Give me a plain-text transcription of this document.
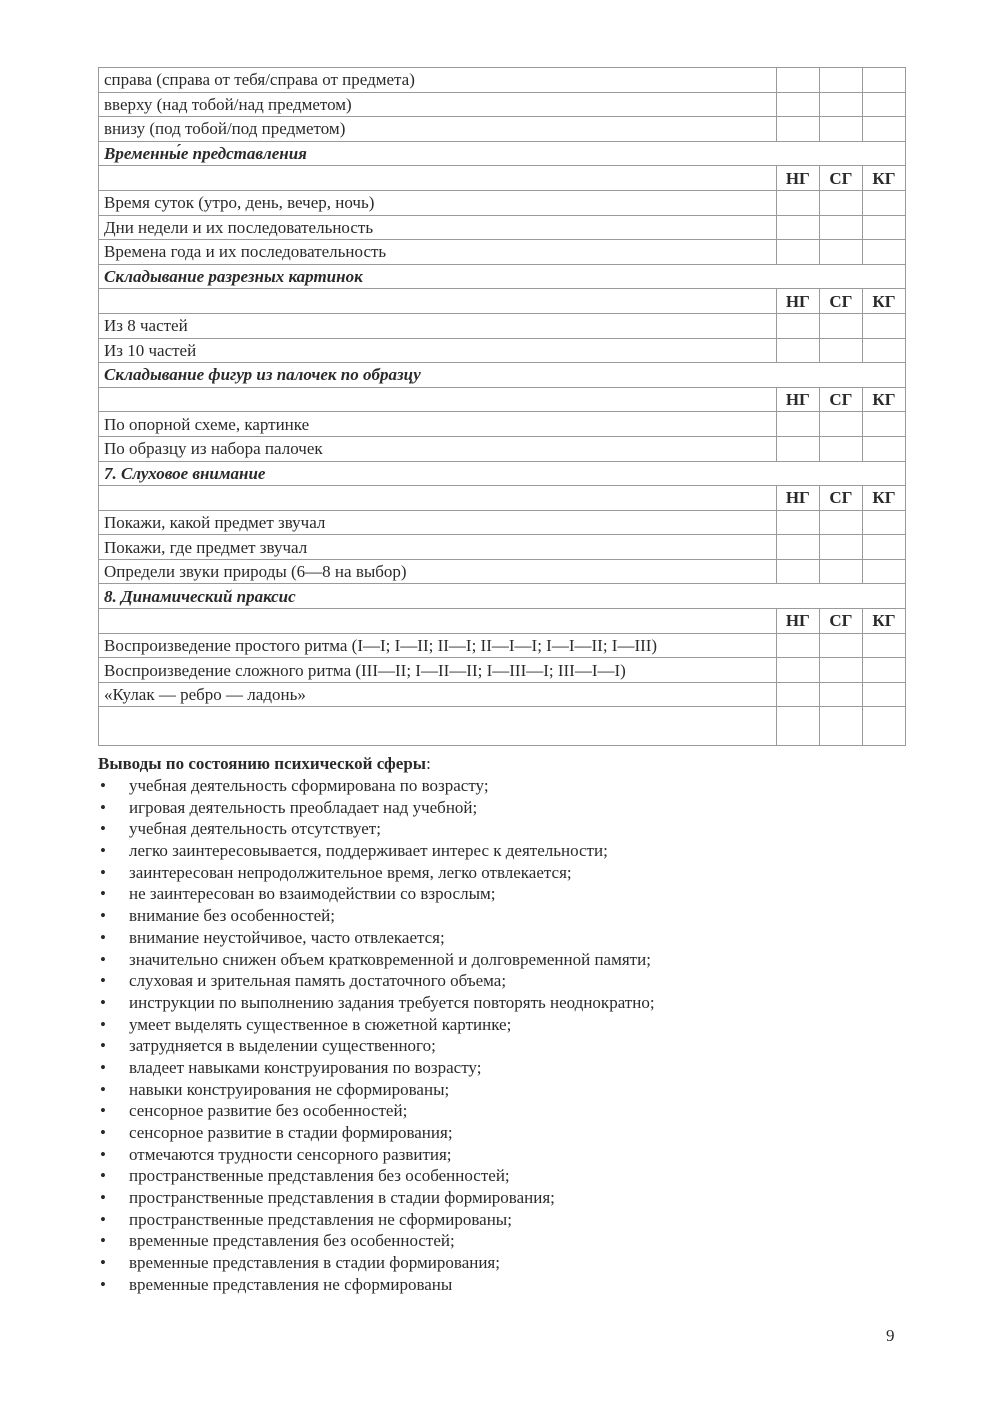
справа (справа от тебя/справа от предмета)			
вверху (над тобой/над предметом)			
внизу (под тобой/под предметом)			
Временны́е представления			
	НГ	СГ	КГ
Время суток (утро, день, вечер, ночь)			
Дни недели и их последовательность			
Времена года и их последовательность			
Складывание разрезных картинок			
	НГ	СГ	КГ
Из 8 частей			
Из 10 частей			
Складывание фигур из палочек по образцу			
	НГ	СГ	КГ
По опорной схеме, картинке			
По образцу из набора палочек			
7. Слуховое внимание			
	НГ	СГ	КГ
Покажи, какой предмет звучал			
Покажи, где предмет звучал			
Определи звуки природы (6—8 на выбор)			
8. Динамический праксис			
	НГ	СГ	КГ
Воспроизведение простого ритма (I—I; I—II; II—I; II—I—I; I—I—II; I—III)			
Воспроизведение сложного ритма (III—II; I—II—II; I—III—I; III—I—I)			
«Кулак — ребро — ладонь»			

Выводы по состоянию психической сферы:
• учебная деятельность сформирована по возрасту;
• игровая деятельность преобладает над учебной;
• учебная деятельность отсутствует;
• легко заинтересовывается, поддерживает интерес к деятельности;
• заинтересован непродолжительное время, легко отвлекается;
• не заинтересован во взаимодействии со взрослым;
• внимание без особенностей;
• внимание неустойчивое, часто отвлекается;
• значительно снижен объем кратковременной и долговременной памяти;
• слуховая и зрительная память достаточного объема;
• инструкции по выполнению задания требуется повторять неоднократно;
• умеет выделять существенное в сюжетной картинке;
• затрудняется в выделении существенного;
• владеет навыками конструирования по возрасту;
• навыки конструирования не сформированы;
• сенсорное развитие без особенностей;
• сенсорное развитие в стадии формирования;
• отмечаются трудности сенсорного развития;
• пространственные представления без особенностей;
• пространственные представления в стадии формирования;
• пространственные представления не сформированы;
• временные представления без особенностей;
• временные представления в стадии формирования;
• временные представления не сформированы
9
